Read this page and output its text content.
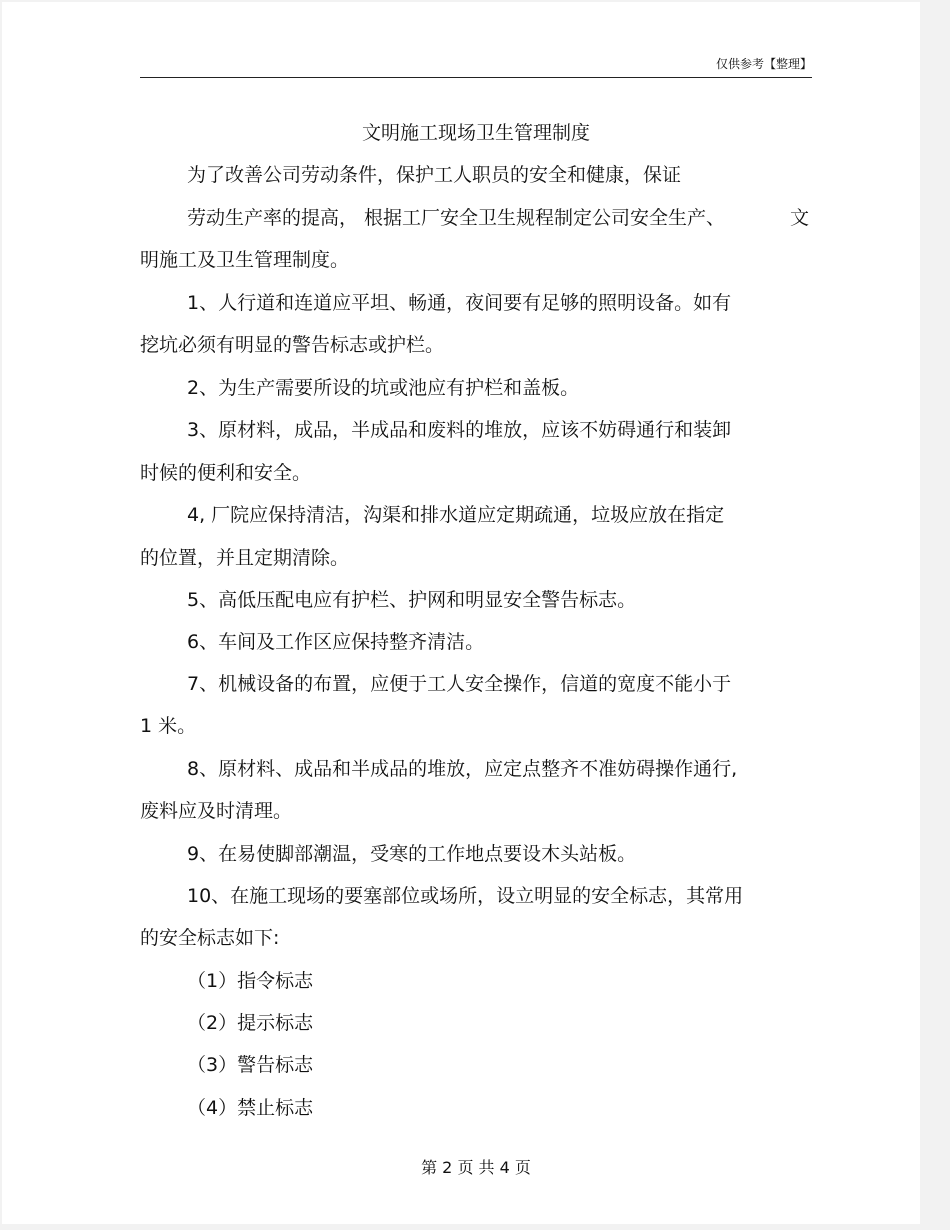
仅供参考【整理】
文明施工现场卫生管理制度
为了改善公司劳动条件，保护工人职员的安全和健康，保证
劳动生产率的提高， 根据工厂安全卫生规程制定公司安全生产、	文
明施工及卫生管理制度。
1、人行道和连道应平坦、畅通，夜间要有足够的照明设备。如有
挖坑必须有明显的警告标志或护栏。
2、为生产需要所设的坑或池应有护栏和盖板。
3、原材料，成品，半成品和废料的堆放，应该不妨碍通行和装卸
时候的便利和安全。
4, 厂院应保持清洁，沟渠和排水道应定期疏通，垃圾应放在指定
的位置，并且定期清除。
5、高低压配电应有护栏、护网和明显安全警告标志。
6、车间及工作区应保持整齐清洁。
7、机械设备的布置，应便于工人安全操作，信道的宽度不能小于
1 米。
8、原材料、成品和半成品的堆放，应定点整齐不准妨碍操作通行,
废料应及时清理。
9、在易使脚部潮温，受寒的工作地点要设木头站板。
10、在施工现场的要塞部位或场所，设立明显的安全标志，其常用
的安全标志如下:
（1）指令标志
（2）提示标志
（3）警告标志
（4）禁止标志
第 2 页 共 4 页
